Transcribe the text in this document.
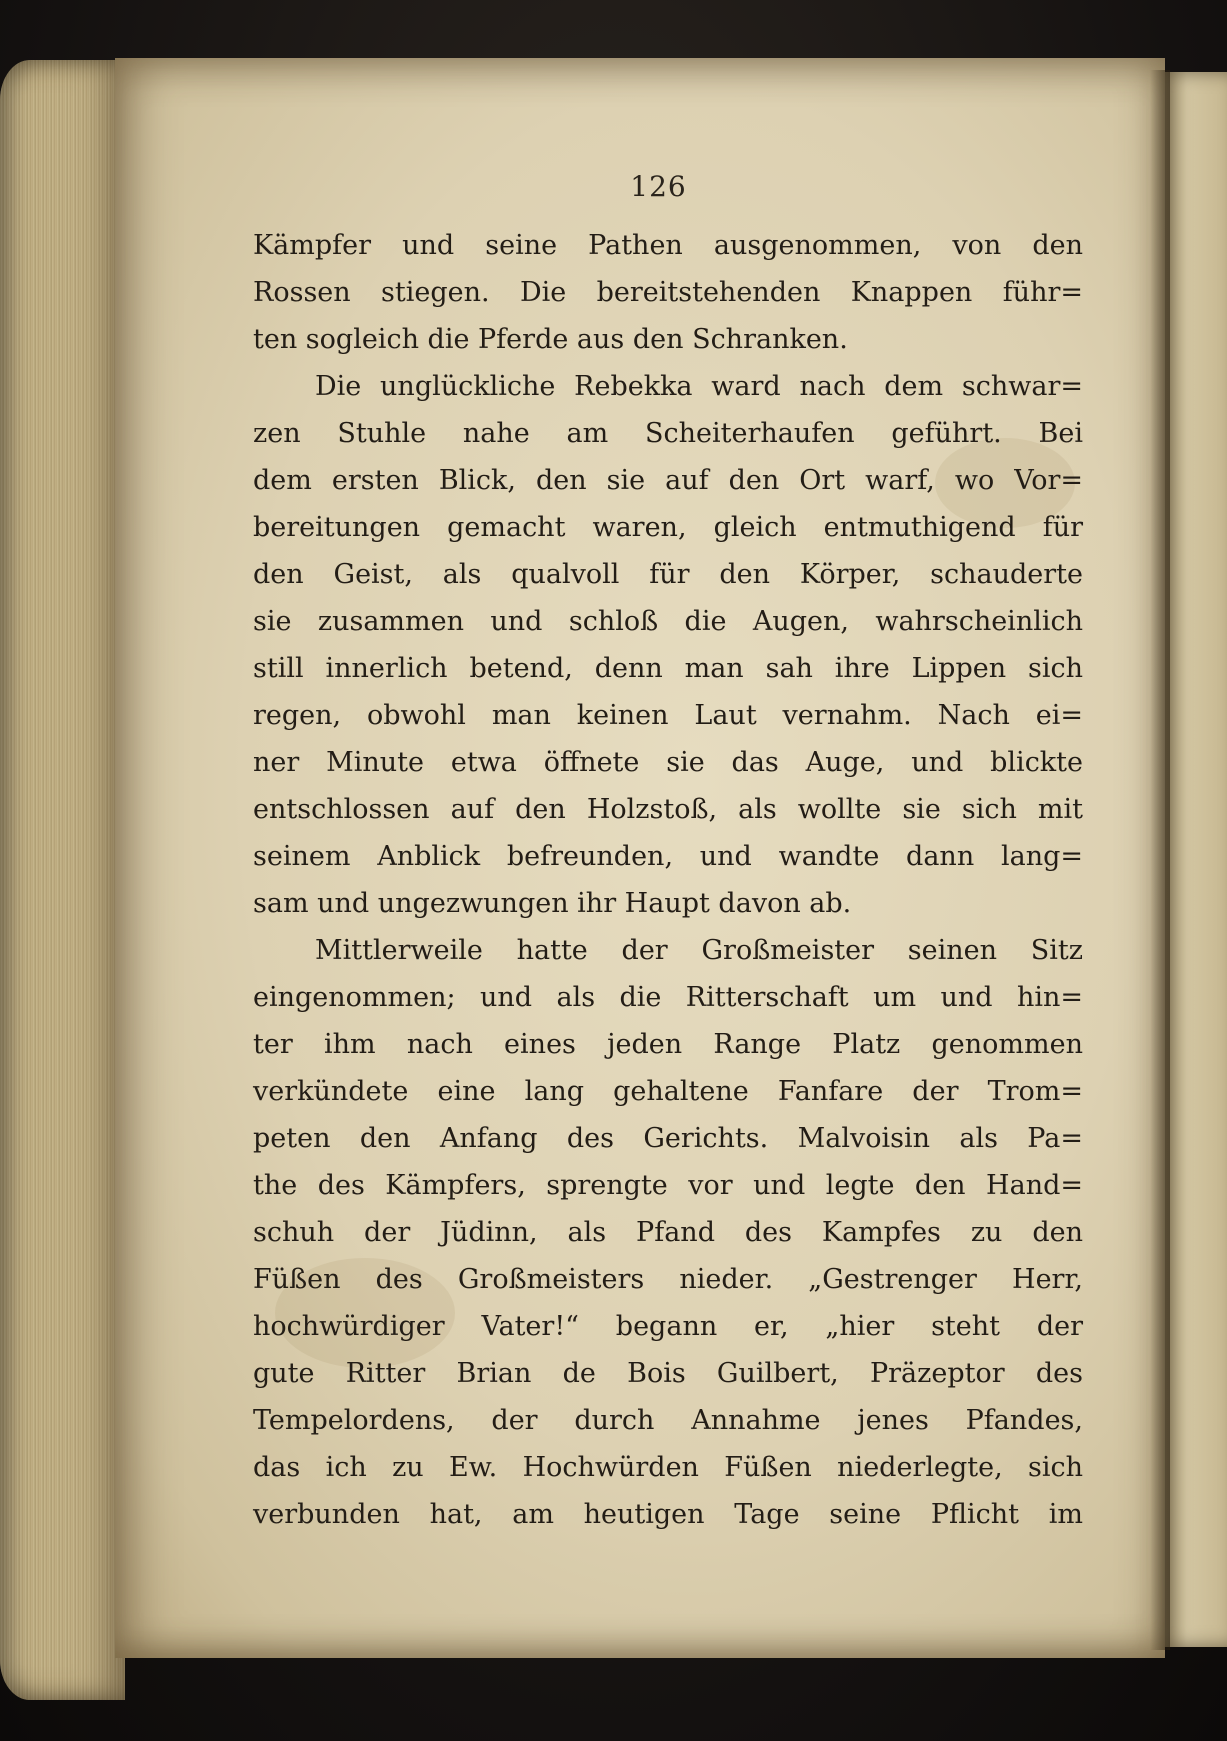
126
Kämpfer und seine Pathen ausgenommen, von den
Rossen stiegen. Die bereitstehenden Knappen führ=
ten sogleich die Pferde aus den Schranken.
Die unglückliche Rebekka ward nach dem schwar=
zen Stuhle nahe am Scheiterhaufen geführt. Bei
dem ersten Blick, den sie auf den Ort warf, wo Vor=
bereitungen gemacht waren, gleich entmuthigend für
den Geist, als qualvoll für den Körper, schauderte
sie zusammen und schloß die Augen, wahrscheinlich
still innerlich betend, denn man sah ihre Lippen sich
regen, obwohl man keinen Laut vernahm. Nach ei=
ner Minute etwa öffnete sie das Auge, und blickte
entschlossen auf den Holzstoß, als wollte sie sich mit
seinem Anblick befreunden, und wandte dann lang=
sam und ungezwungen ihr Haupt davon ab.
Mittlerweile hatte der Großmeister seinen Sitz
eingenommen; und als die Ritterschaft um und hin=
ter ihm nach eines jeden Range Platz genommen
verkündete eine lang gehaltene Fanfare der Trom=
peten den Anfang des Gerichts. Malvoisin als Pa=
the des Kämpfers, sprengte vor und legte den Hand=
schuh der Jüdinn, als Pfand des Kampfes zu den
Füßen des Großmeisters nieder. „Gestrenger Herr,
hochwürdiger Vater!“ begann er, „hier steht der
gute Ritter Brian de Bois Guilbert, Präzeptor des
Tempelordens, der durch Annahme jenes Pfandes,
das ich zu Ew. Hochwürden Füßen niederlegte, sich
verbunden hat, am heutigen Tage seine Pflicht im
